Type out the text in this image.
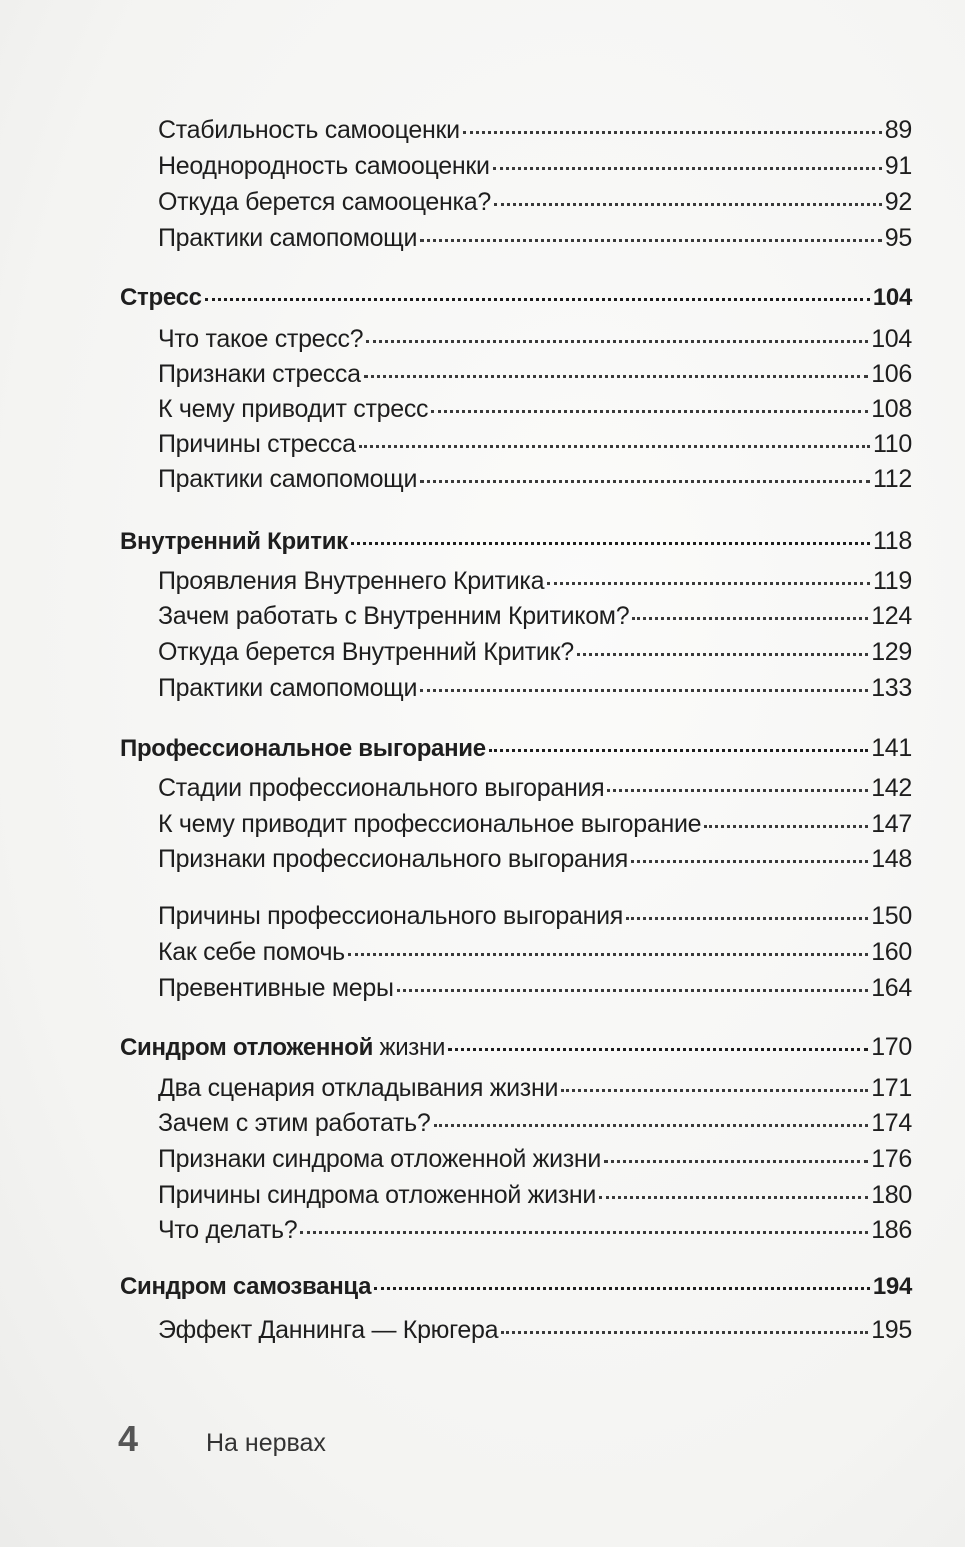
Стабильность самооценки	89
Неоднородность самооценки	91
Откуда берется самооценка?	92
Практики самопомощи	95
Стресс	104
Что такое стресс?	104
Признаки стресса	106
К чему приводит стресс	108
Причины стресса	110
Практики самопомощи	112
Внутренний Критик	118
Проявления Внутреннего Критика	119
Зачем работать с Внутренним Критиком?	124
Откуда берется Внутренний Критик?	129
Практики самопомощи	133
Профессиональное выгорание	141
Стадии профессионального выгорания	142
К чему приводит профессиональное выгорание	147
Признаки профессионального выгорания	148
Причины профессионального выгорания	150
Как себе помочь	160
Превентивные меры	164
Синдром отложенной жизни	170
Два сценария откладывания жизни	171
Зачем с этим работать?	174
Признаки синдрома отложенной жизни	176
Причины синдрома отложенной жизни	180
Что делать?	186
Синдром самозванца	194
Эффект Даннинга — Крюгера	195
4	На нервах
